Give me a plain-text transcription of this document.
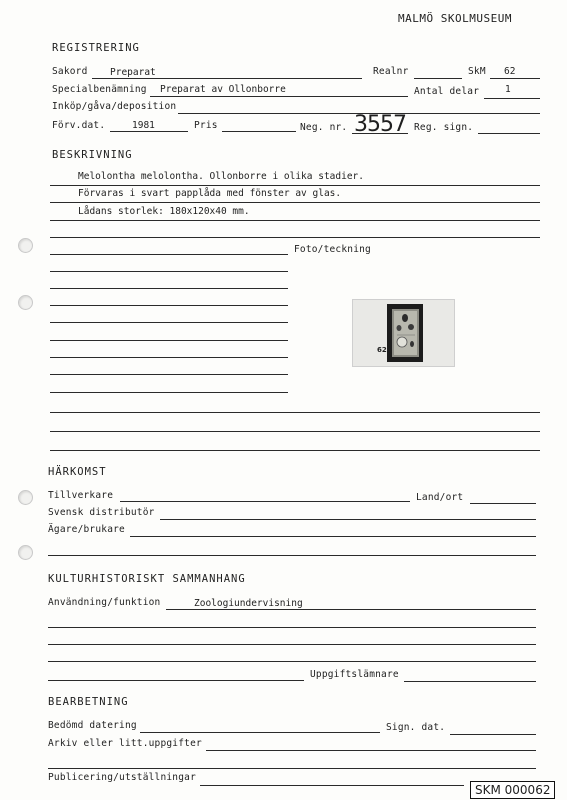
MALMÖ SKOLMUSEUM
REGISTRERING
Sakord Preparat	Realnr	SkM 62
Specialbenämning Preparat av Ollonborre	Antal delar	1
Inköp/gåva/deposition
Förv.dat.	1981	Pris	Neg. nr. 3557 Reg. sign.
BESKRIVNING
Melolontha melolontha. Ollonborre i olika stadier.
Förvaras i svart papplåda med fönster av glas.
Lådans storlek: 180x120x40 mm.
Foto/teckning
62
HÄRKOMST
Tillverkare	Land/ort
Svensk distributör
Ägare/brukare
KULTURHISTORISKT SAMMANHANG
Användning/funktion	Zoologiundervisning
Uppgiftslämnare
BEARBETNING
Bedömd datering	Sign. dat.
Arkiv eller litt.uppgifter
Publicering/utställningar
SKM 000062
